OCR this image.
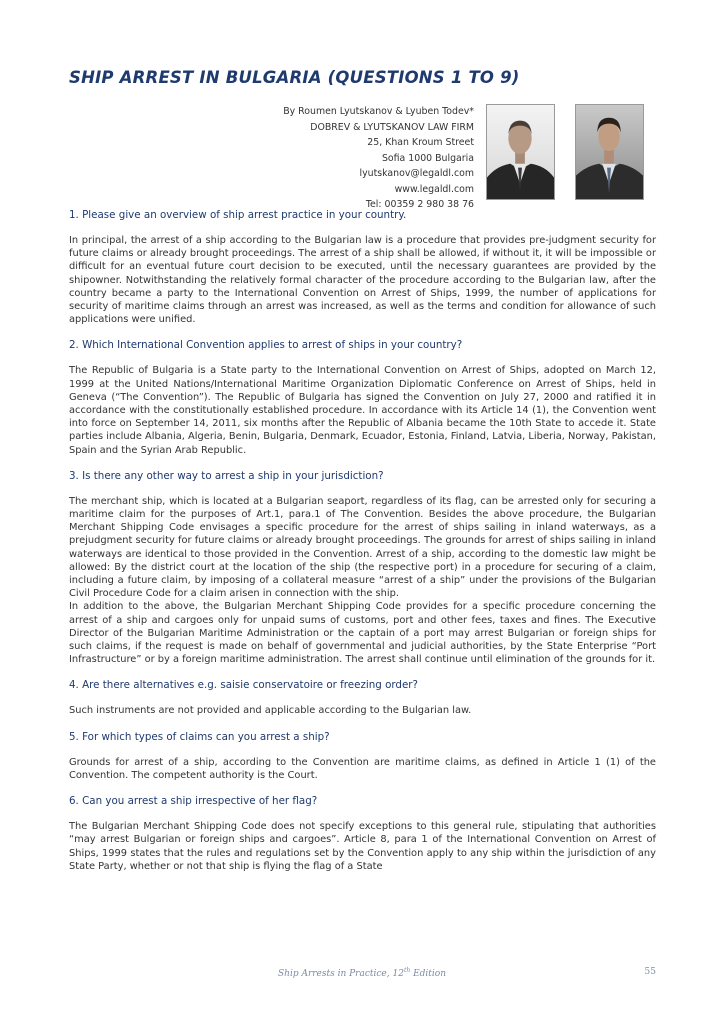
SHIP ARREST IN BULGARIA (QUESTIONS 1 TO 9)
By Roumen Lyutskanov & Lyuben Todev*
DOBREV & LYUTSKANOV LAW FIRM
25, Khan Kroum Street
Sofia 1000 Bulgaria
lyutskanov@legaldl.com
www.legaldl.com
Tel: 00359 2 980 38 76
1. Please give an overview of ship arrest practice in your country.

In principal, the arrest of a ship according to the Bulgarian law is a procedure that provides pre-judgment security for future claims or already brought proceedings. The arrest of a ship shall be allowed, if without it, it will be impossible or difficult for an eventual future court decision to be executed, until the necessary guarantees are provided by the shipowner. Notwithstanding the relatively formal character of the procedure according to the Bulgarian law, after the country became a party to the International Convention on Arrest of Ships, 1999, the number of applications for security of maritime claims through an arrest was increased, as well as the terms and condition for allowance of such applications were unified.

2. Which International Convention applies to arrest of ships in your country?

The Republic of Bulgaria is a State party to the International Convention on Arrest of Ships, adopted on March 12, 1999 at the United Nations/International Maritime Organization Diplomatic Conference on Arrest of Ships, held in Geneva (“The Convention”). The Republic of Bulgaria has signed the Convention on July 27, 2000 and ratified it in accordance with the constitutionally established procedure. In accordance with its Article 14 (1), the Convention went into force on September 14, 2011, six months after the Republic of Albania became the 10th State to accede it. State parties include Albania, Algeria, Benin, Bulgaria, Denmark, Ecuador, Estonia, Finland, Latvia, Liberia, Norway, Pakistan, Spain and the Syrian Arab Republic.

3. Is there any other way to arrest a ship in your jurisdiction?

The merchant ship, which is located at a Bulgarian seaport, regardless of its flag, can be arrested only for securing a maritime claim for the purposes of Art.1, para.1 of The Convention. Besides the above procedure, the Bulgarian Merchant Shipping Code envisages a specific procedure for the arrest of ships sailing in inland waterways, as a prejudgment security for future claims or already brought proceedings. The grounds for arrest of ships sailing in inland waterways are identical to those provided in the Convention. Arrest of a ship, according to the domestic law might be allowed: By the district court at the location of the ship (the respective port) in a procedure for securing of a claim, including a future claim, by imposing of a collateral measure “arrest of a ship” under the provisions of the Bulgarian Civil Procedure Code for a claim arisen in connection with the ship.

In addition to the above, the Bulgarian Merchant Shipping Code provides for a specific procedure concerning the arrest of a ship and cargoes only for unpaid sums of customs, port and other fees, taxes and fines. The Executive Director of the Bulgarian Maritime Administration or the captain of a port may arrest Bulgarian or foreign ships for such claims, if the request is made on behalf of governmental and judicial authorities, by the State Enterprise “Port Infrastructure” or by a foreign maritime administration. The arrest shall continue until elimination of the grounds for it.

4. Are there alternatives e.g. saisie conservatoire or freezing order?

Such instruments are not provided and applicable according to the Bulgarian law.

5. For which types of claims can you arrest a ship?

Grounds for arrest of a ship, according to the Convention are maritime claims, as defined in Article 1 (1) of the Convention. The competent authority is the Court.

6. Can you arrest a ship irrespective of her flag?

The Bulgarian Merchant Shipping Code does not specify exceptions to this general rule, stipulating that authorities “may arrest Bulgarian or foreign ships and cargoes”. Article 8, para 1 of the International Convention on Arrest of Ships, 1999 states that the rules and regulations set by the Convention apply to any ship within the jurisdiction of any State Party, whether or not that ship is flying the flag of a State

Ship Arrests in Practice, 12th Edition	55
